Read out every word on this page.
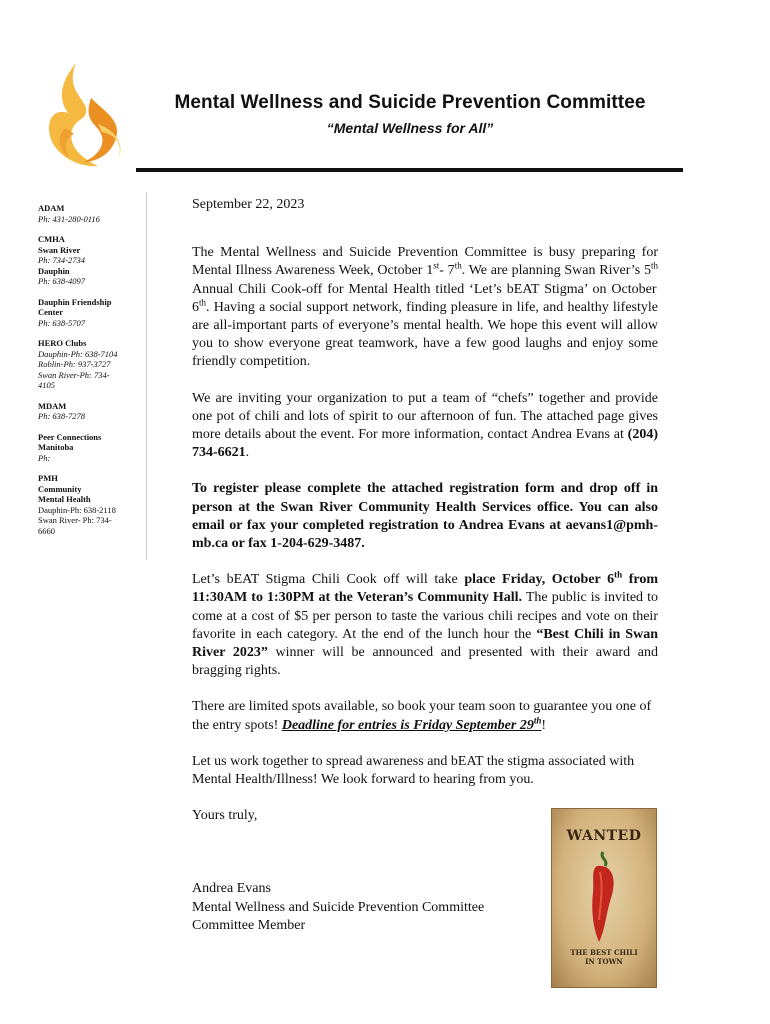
Mental Wellness and Suicide Prevention Committee
“Mental Wellness for All”
ADAM
Ph: 431-280-0116
CMHA
Swan River
Ph: 734-2734
Dauphin
Ph: 638-4097
Dauphin Friendship
Center
Ph: 638-5707
HERO Clubs
Dauphin-Ph: 638-7104
Roblin-Ph: 937-3727
Swan River-Ph: 734-
4105
MDAM
Ph: 638-7278
Peer Connections
Manitoba
Ph:
PMH
Community
Mental Health
Dauphin-Ph: 638-2118
Swan River- Ph: 734-
6660

September 22, 2023

The Mental Wellness and Suicide Prevention Committee is busy preparing for Mental Illness Awareness Week, October 1st- 7th. We are planning Swan River’s 5th Annual Chili Cook-off for Mental Health titled ‘Let’s bEAT Stigma’ on October 6th. Having a social support network, finding pleasure in life, and healthy lifestyle are all-important parts of everyone’s mental health. We hope this event will allow you to show everyone great teamwork, have a few good laughs and enjoy some friendly competition.

We are inviting your organization to put a team of “chefs” together and provide one pot of chili and lots of spirit to our afternoon of fun. The attached page gives more details about the event. For more information, contact Andrea Evans at (204) 734-6621.

To register please complete the attached registration form and drop off in person at the Swan River Community Health Services office. You can also email or fax your completed registration to Andrea Evans at aevans1@pmh-mb.ca or fax 1-204-629-3487.

Let’s bEAT Stigma Chili Cook off will take place Friday, October 6th from 11:30AM to 1:30PM at the Veteran’s Community Hall. The public is invited to come at a cost of $5 per person to taste the various chili recipes and vote on their favorite in each category. At the end of the lunch hour the “Best Chili in Swan River 2023” winner will be announced and presented with their award and bragging rights.

There are limited spots available, so book your team soon to guarantee you one of the entry spots! Deadline for entries is Friday September 29th!

Let us work together to spread awareness and bEAT the stigma associated with Mental Health/Illness! We look forward to hearing from you.

Yours truly,

Andrea Evans

Mental Wellness and Suicide Prevention Committee

Committee Member

WANTED
THE BEST CHILI
IN TOWN
